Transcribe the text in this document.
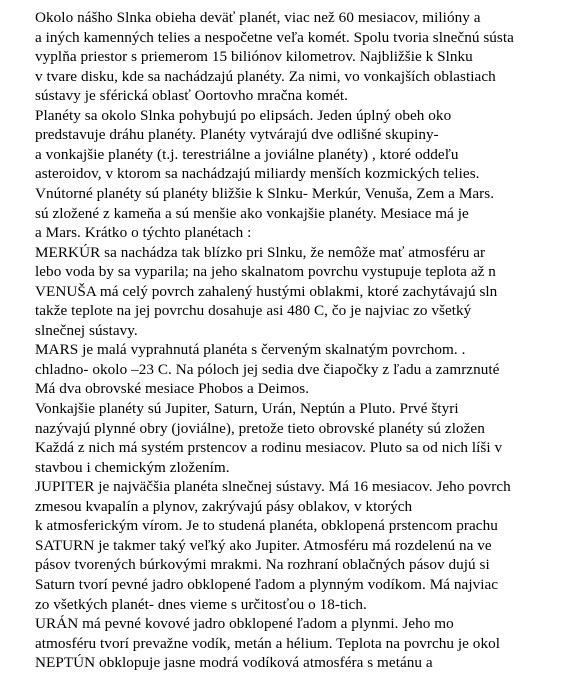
Okolo nášho Slnka obieha deväť planét, viac než 60 mesiacov, milióny a
a iných kamenných telies a nespočetne veľa komét. Spolu tvoria slnečnú sústa
vyplňa priestor s priemerom 15 biliónov kilometrov. Najbližšie k Slnku
v tvare disku, kde sa nachádzajú planéty. Za nimi, vo vonkajších oblastiach
sústavy je sférická oblasť Oortovho mračna komét.
Planéty sa okolo Slnka pohybujú po elipsách. Jeden úplný obeh oko
predstavuje dráhu planéty. Planéty vytvárajú dve odlišné skupiny-
a vonkajšie planéty (t.j. terestriálne a joviálne planéty) , ktoré oddeľu
asteroidov, v ktorom sa nachádzajú miliardy menších kozmických telies.
Vnútorné planéty sú planéty bližšie k Slnku- Merkúr, Venuša, Zem a Mars.
sú zložené z kameňa a sú menšie ako vonkajšie planéty. Mesiace má je
a Mars. Krátko o týchto planétach :
MERKÚR sa nachádza tak blízko pri Slnku, že nemôže mať atmosféru ar
lebo voda by sa vyparila; na jeho skalnatom povrchu vystupuje teplota až n
VENUŠA má celý povrch zahalený hustými oblakmi, ktoré zachytávajú sln
takže teplote na jej povrchu dosahuje asi 480 C, čo je najviac zo všetký
slnečnej sústavy.
MARS je malá vyprahnutá planéta s červeným skalnatým povrchom. .
chladno- okolo –23 C. Na póloch jej sedia dve čiapočky z ľadu a zamrznuté
Má dva obrovské mesiace Phobos a Deimos.
Vonkajšie planéty sú Jupiter, Saturn, Urán, Neptún a Pluto. Prvé štyri
nazývajú plynné obry (joviálne), pretože tieto obrovské planéty sú zložen
Každá z nich má systém prstencov a rodinu mesiacov. Pluto sa od nich líši v
stavbou i chemickým zložením.
JUPITER je najväčšia planéta slnečnej sústavy. Má 16 mesiacov. Jeho povrch
zmesou kvapalín a plynov, zakrývajú pásy oblakov, v ktorých
k atmosferickým vírom. Je to studená planéta, obklopená prstencom prachu
SATURN je takmer taký veľký ako Jupiter. Atmosféru má rozdelenú na ve
pásov tvorených búrkovými mrakmi. Na rozhraní oblačných pásov dujú si
Saturn tvorí pevné jadro obklopené ľadom a plynným vodíkom. Má najviac
zo všetkých planét- dnes vieme s určitosťou o 18-tich.
URÁN má pevné kovové jadro obklopené ľadom a plynmi. Jeho mo
atmosféru tvorí prevažne vodík, metán a hélium. Teplota na povrchu je okol
NEPTÚN obklopuje jasne modrá vodíková atmosféra s metánu a
